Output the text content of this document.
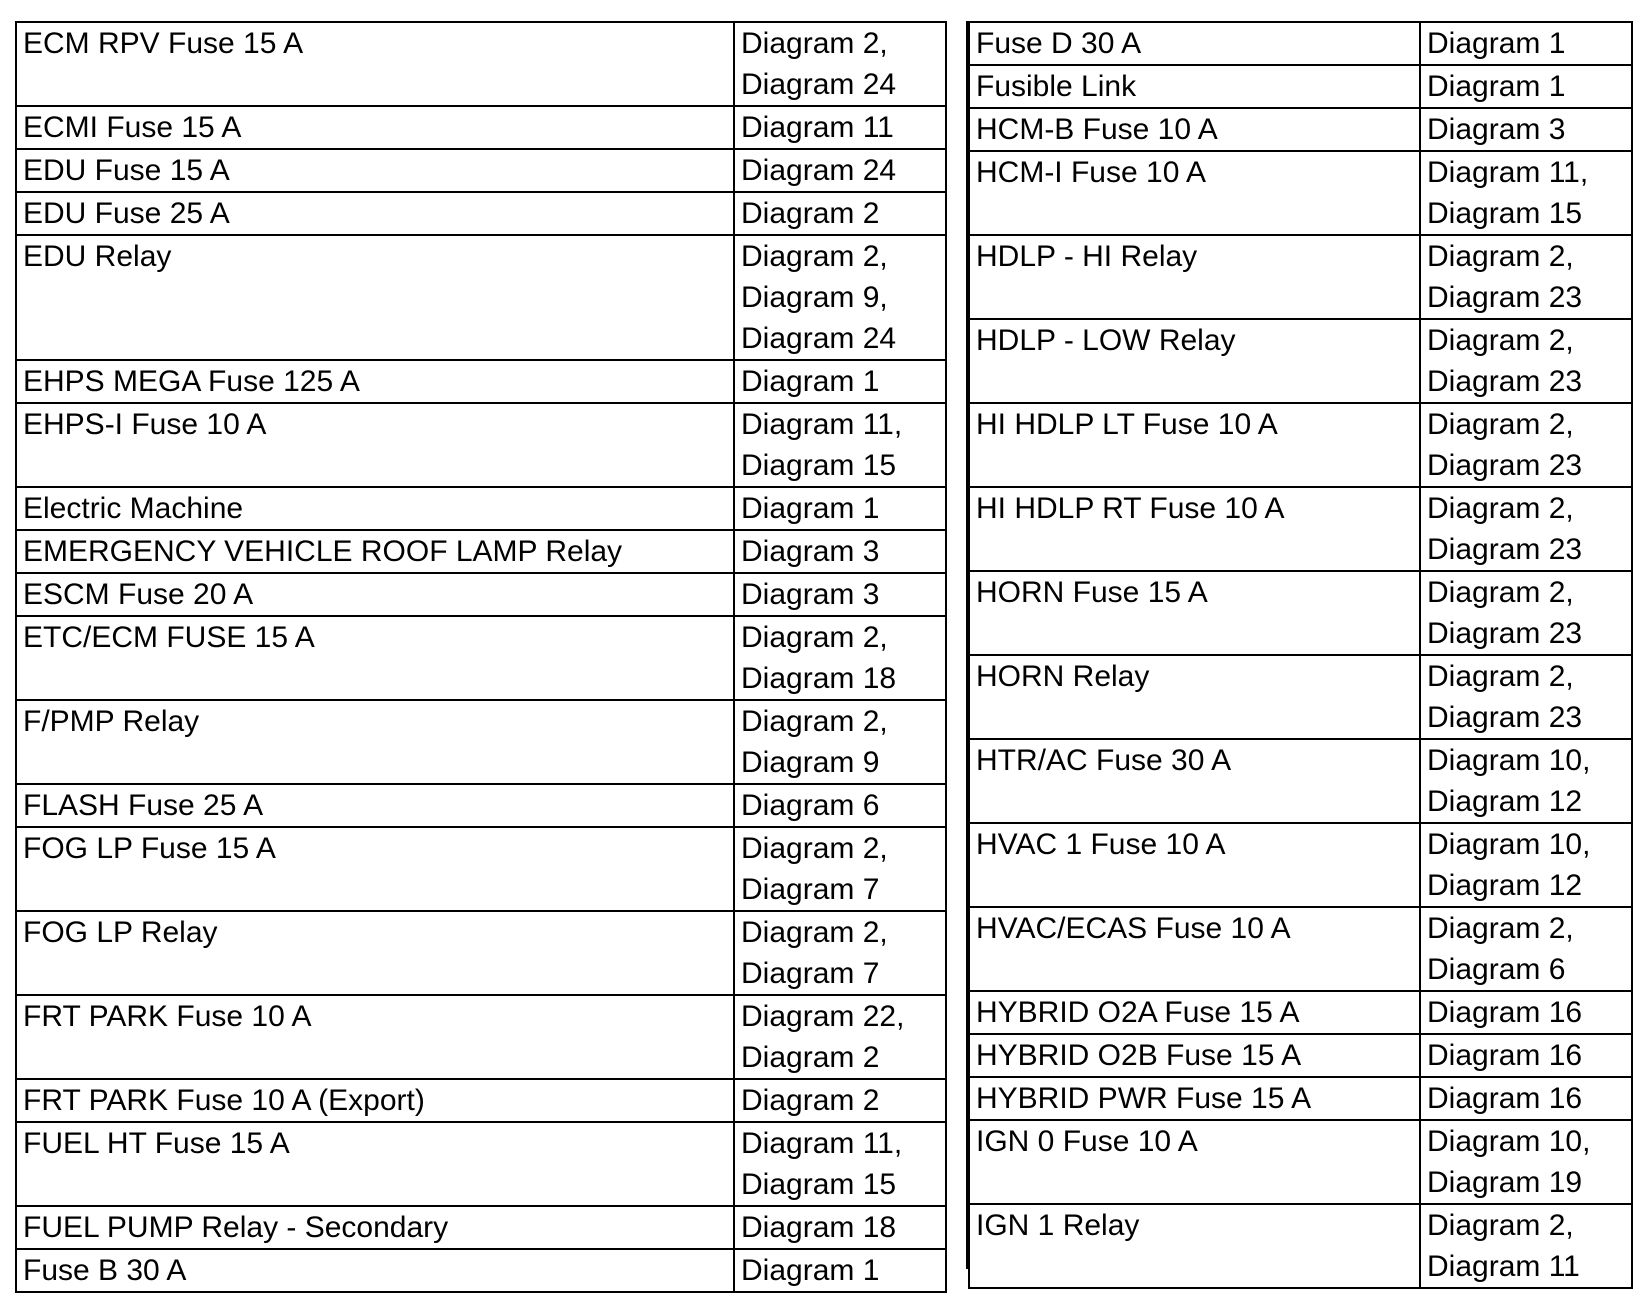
ECM RPV Fuse 15 A	Diagram 2,
Diagram 24

ECMI Fuse 15 A	Diagram 11

EDU Fuse 15 A	Diagram 24

EDU Fuse 25 A	Diagram 2

EDU Relay	Diagram 2,
Diagram 9,
Diagram 24

EHPS MEGA Fuse 125 A	Diagram 1

EHPS-I Fuse 10 A	Diagram 11,
Diagram 15

Electric Machine	Diagram 1

EMERGENCY VEHICLE ROOF LAMP Relay	Diagram 3

ESCM Fuse 20 A	Diagram 3

ETC/ECM FUSE 15 A	Diagram 2,
Diagram 18

F/PMP Relay	Diagram 2,
Diagram 9

FLASH Fuse 25 A	Diagram 6

FOG LP Fuse 15 A	Diagram 2,
Diagram 7

FOG LP Relay	Diagram 2,
Diagram 7

FRT PARK Fuse 10 A	Diagram 22,
Diagram 2

FRT PARK Fuse 10 A (Export)	Diagram 2

FUEL HT Fuse 15 A	Diagram 11,
Diagram 15

FUEL PUMP Relay - Secondary	Diagram 18

Fuse B 30 A	Diagram 1
Fuse D 30 A	Diagram 1

Fusible Link	Diagram 1

HCM-B Fuse 10 A	Diagram 3

HCM-I Fuse 10 A	Diagram 11,
Diagram 15

HDLP - HI Relay	Diagram 2,
Diagram 23

HDLP - LOW Relay	Diagram 2,
Diagram 23

HI HDLP LT Fuse 10 A	Diagram 2,
Diagram 23

HI HDLP RT Fuse 10 A	Diagram 2,
Diagram 23

HORN Fuse 15 A	Diagram 2,
Diagram 23

HORN Relay	Diagram 2,
Diagram 23

HTR/AC Fuse 30 A	Diagram 10,
Diagram 12

HVAC 1 Fuse 10 A	Diagram 10,
Diagram 12

HVAC/ECAS Fuse 10 A	Diagram 2,
Diagram 6

HYBRID O2A Fuse 15 A	Diagram 16

HYBRID O2B Fuse 15 A	Diagram 16

HYBRID PWR Fuse 15 A	Diagram 16

IGN 0 Fuse 10 A	Diagram 10,
Diagram 19

IGN 1 Relay	Diagram 2,
Diagram 11
